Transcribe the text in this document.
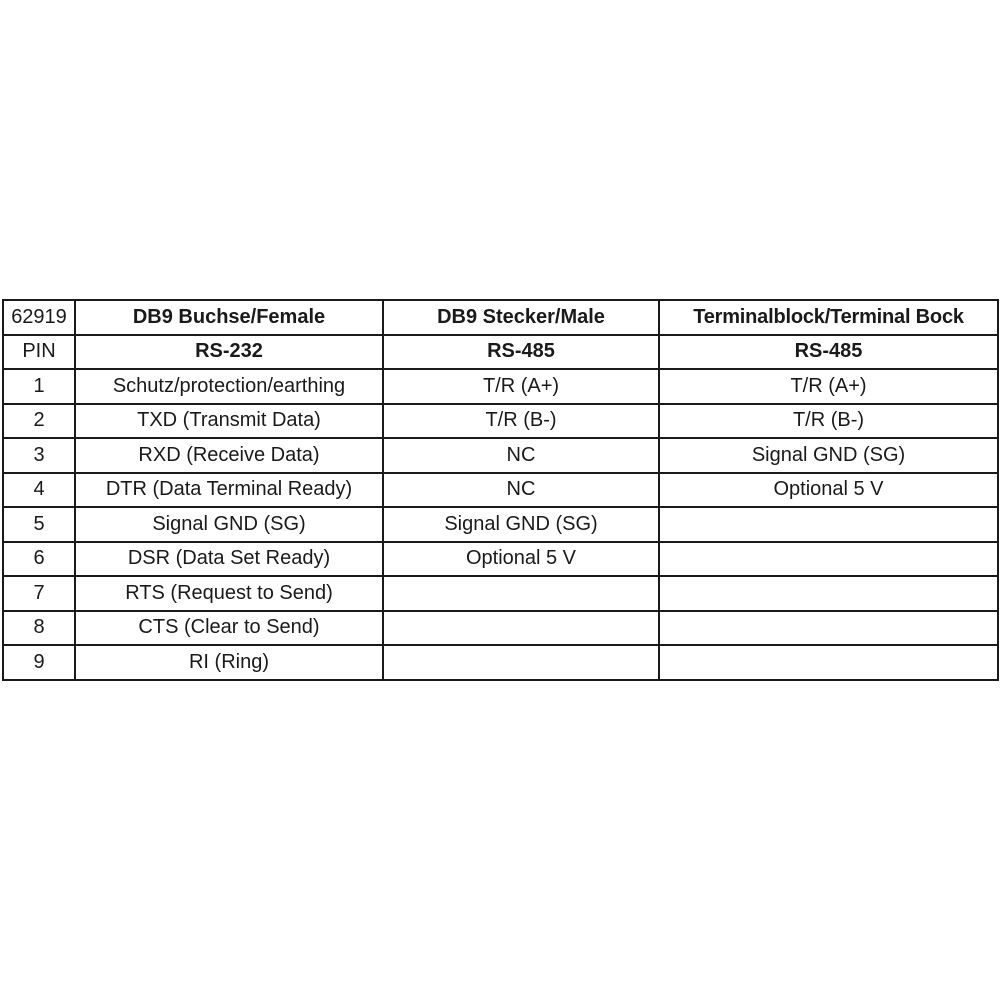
62919	DB9 Buchse/Female	DB9 Stecker/Male	Terminalblock/Terminal Bock
PIN	RS-232	RS-485	RS-485
1	Schutz/protection/earthing	T/R (A+)	T/R (A+)
2	TXD (Transmit Data)	T/R (B-)	T/R (B-)
3	RXD (Receive Data)	NC	Signal GND (SG)
4	DTR (Data Terminal Ready)	NC	Optional 5 V
5	Signal GND (SG)	Signal GND (SG)	
6	DSR (Data Set Ready)	Optional 5 V	
7	RTS (Request to Send)		
8	CTS (Clear to Send)		
9	RI (Ring)		
